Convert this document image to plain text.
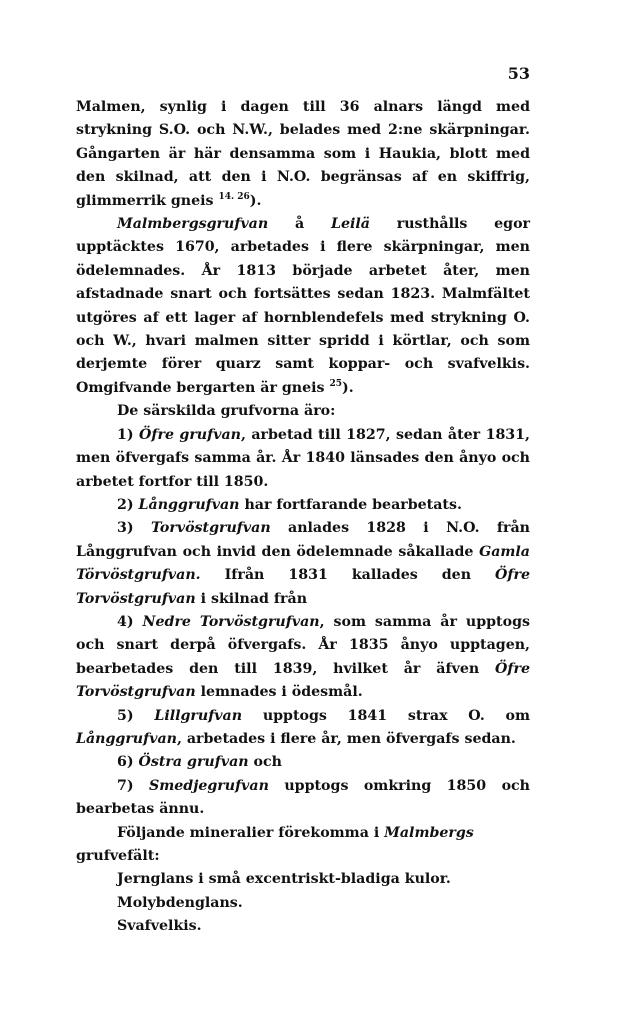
53

Malmen, synlig i dagen till 36 alnars längd med strykning S.O. och N.W., belades med 2:ne skärpningar. Gångarten är här densamma som i Haukia, blott med den skilnad, att den i N.O. begränsas af en skiffrig, glimmerrik gneis $^{14. 26}$).

Malmbergsgrufvan å Leilä rusthålls egor upptäcktes 1670, arbetades i flere skärpningar, men ödelemnades. År 1813 började arbetet åter, men afstadnade snart och fortsättes sedan 1823. Malmfältet utgöres af ett lager af hornblendefels med strykning O. och W., hvari malmen sitter spridd i körtlar, och som derjemte förer quarz samt koppar- och svafvelkis. Omgifvande bergarten är gneis $^{25}$).

De särskilda grufvorna äro:

1) Öfre grufvan, arbetad till 1827, sedan åter 1831, men öfvergafs samma år. År 1840 länsades den ånyo och arbetet fortfor till 1850.

2) Långgrufvan har fortfarande bearbetats.

3) Torvöstgrufvan anlades 1828 i N.O. från Långgrufvan och invid den ödelemnade såkallade Gamla Törvöstgrufvan. Ifrån 1831 kallades den Öfre Torvöstgrufvan i skilnad från

4) Nedre Torvöstgrufvan, som samma år upptogs och snart derpå öfvergafs. År 1835 ånyo upptagen, bearbetades den till 1839, hvilket år äfven Öfre Torvöstgrufvan lemnades i ödesmål.

5) Lillgrufvan upptogs 1841 strax O. om Långgrufvan, arbetades i flere år, men öfvergafs sedan.

6) Östra grufvan och

7) Smedjegrufvan upptogs omkring 1850 och bearbetas ännu.

Följande mineralier förekomma i Malmbergs grufvefält:

Jernglans i små excentriskt-bladiga kulor.

Molybdenglans.

Svafvelkis.
